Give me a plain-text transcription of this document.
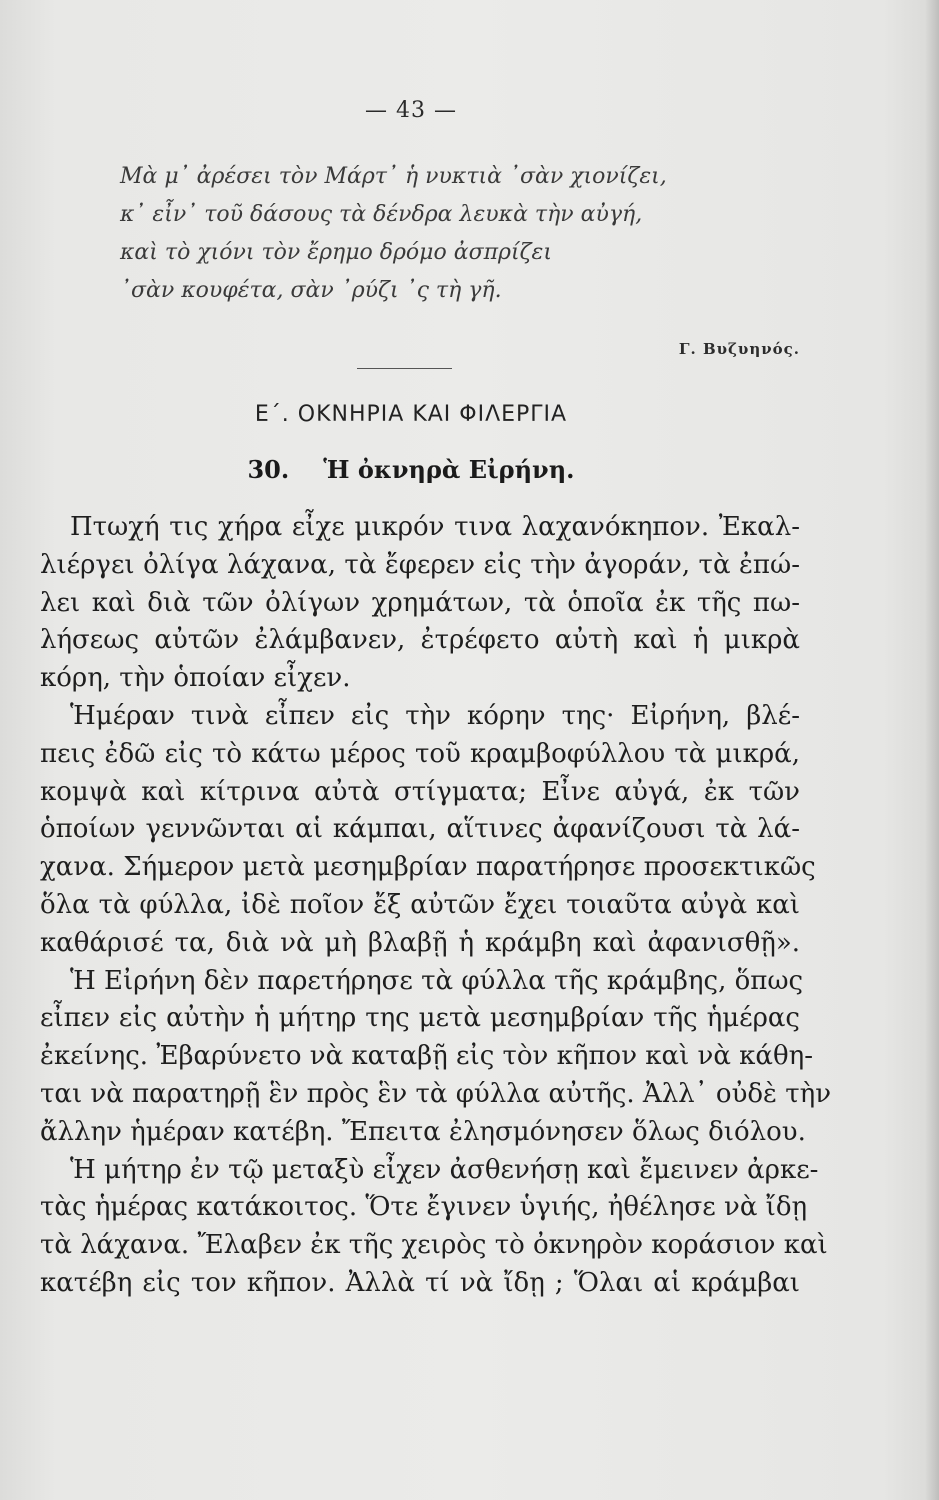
— 43 —
Μὰ μ᾽ ἀρέσει τὸν Μάρτ᾽ ἡ νυκτιὰ ᾽σὰν χιονίζει,
κ᾽ εἶν᾽ τοῦ δάσους τὰ δένδρα λευκὰ τὴν αὐγή,
καὶ τὸ χιόνι τὸν ἔρημο δρόμο ἀσπρίζει
᾽σὰν κουφέτα, σὰν ᾽ρύζι ᾽ς τὴ γῆ.
Γ. Βυζυηνός.
Ε΄. ΟΚΝΗΡΙΑ ΚΑΙ ΦΙΛΕΡΓΙΑ
30. Ἡ ὀκνηρὰ Εἰρήνη.
Πτωχή τις χήρα εἶχε μικρόν τινα λαχανόκηπον. Ἐκαλ-
λιέργει ὀλίγα λάχανα, τὰ ἔφερεν εἰς τὴν ἀγοράν, τὰ ἐπώ-
λει καὶ διὰ τῶν ὀλίγων χρημάτων, τὰ ὁποῖα ἐκ τῆς πω-
λήσεως αὐτῶν ἐλάμβανεν, ἐτρέφετο αὐτὴ καὶ ἡ μικρὰ
κόρη, τὴν ὁποίαν εἶχεν.
Ἡμέραν τινὰ εἶπεν εἰς τὴν κόρην της· Εἰρήνη, βλέ-
πεις ἐδῶ εἰς τὸ κάτω μέρος τοῦ κραμβοφύλλου τὰ μικρά,
κομψὰ καὶ κίτρινα αὐτὰ στίγματα; Εἶνε αὐγά, ἐκ τῶν
ὁποίων γεννῶνται αἱ κάμπαι, αἵτινες ἀφανίζουσι τὰ λά-
χανα. Σήμερον μετὰ μεσημβρίαν παρατήρησε προσεκτικῶς
ὅλα τὰ φύλλα, ἰδὲ ποῖον ἔξ αὐτῶν ἔχει τοιαῦτα αὐγὰ καὶ
καθάρισέ τα, διὰ νὰ μὴ βλαβῇ ἡ κράμβη καὶ ἀφανισθῇ».
Ἡ Εἰρήνη δὲν παρετήρησε τὰ φύλλα τῆς κράμβης, ὅπως
εἶπεν εἰς αὐτὴν ἡ μήτηρ της μετὰ μεσημβρίαν τῆς ἡμέρας
ἐκείνης. Ἐβαρύνετο νὰ καταβῇ εἰς τὸν κῆπον καὶ νὰ κάθη-
ται νὰ παρατηρῇ ἓν πρὸς ἓν τὰ φύλλα αὐτῆς. Ἀλλ᾽ οὐδὲ τὴν
ἄλλην ἡμέραν κατέβη. Ἔπειτα ἐλησμόνησεν ὅλως διόλου.
Ἡ μήτηρ ἐν τῷ μεταξὺ εἶχεν ἀσθενήσῃ καὶ ἔμεινεν ἀρκε-
τὰς ἡμέρας κατάκοιτος. Ὅτε ἔγινεν ὑγιής, ἠθέλησε νὰ ἴδῃ
τὰ λάχανα. Ἔλαβεν ἐκ τῆς χειρὸς τὸ ὀκνηρὸν κοράσιον καὶ
κατέβη εἰς τον κῆπον. Ἀλλὰ τί νὰ ἴδῃ ; Ὅλαι αἱ κράμβαι
